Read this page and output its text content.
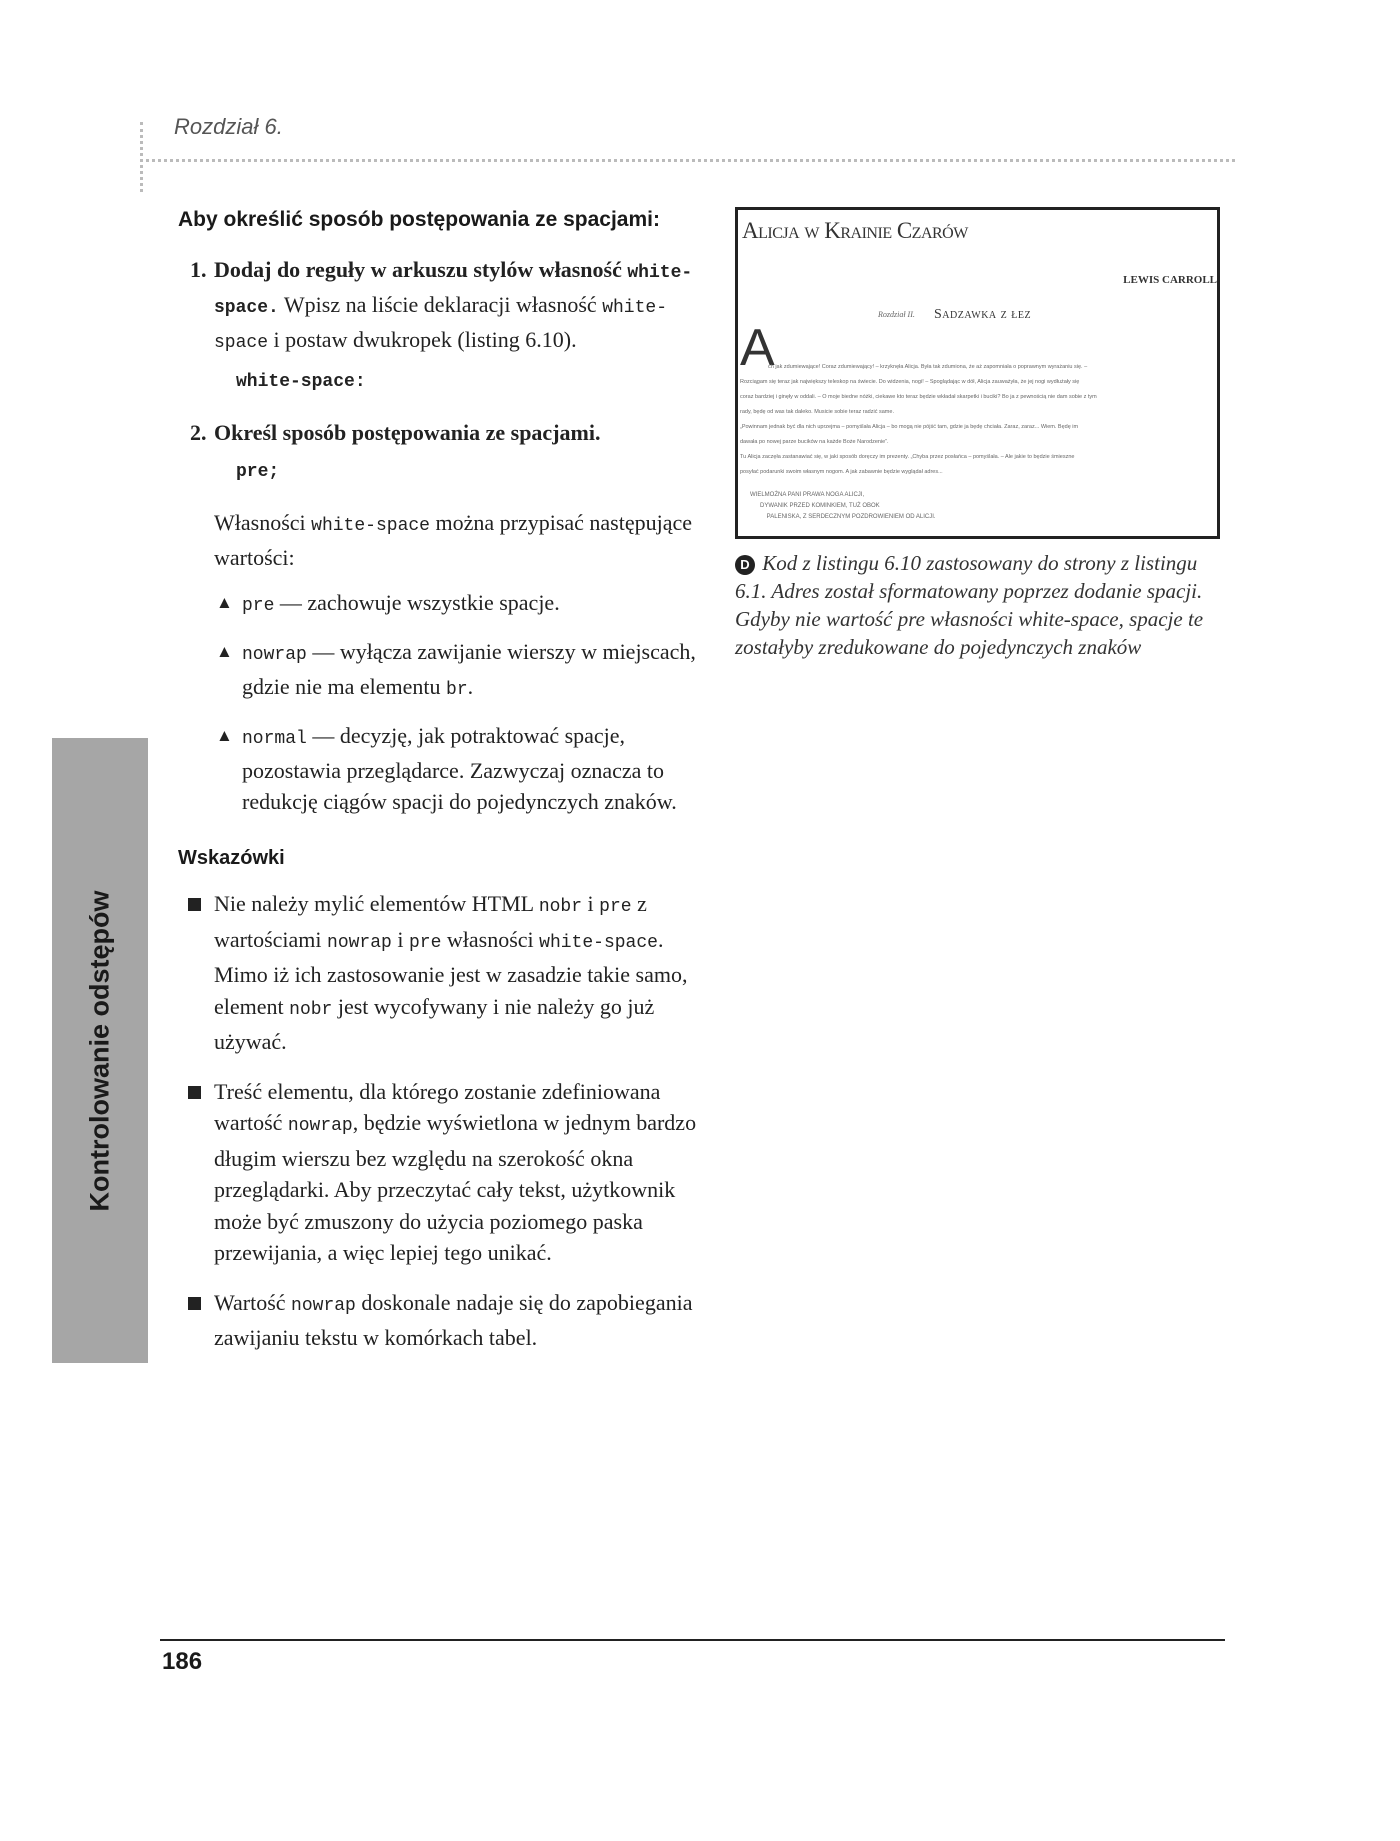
Rozdział 6.
Kontrolowanie odstępów
Aby określić sposób postępowania ze spacjami:
1. Dodaj do reguły w arkuszu stylów własność white-space. Wpisz na liście deklaracji własność white-space i postaw dwukropek (listing 6.10).
white-space:
2. Określ sposób postępowania ze spacjami.
pre;
Własności white-space można przypisać następujące wartości:
▲ pre — zachowuje wszystkie spacje.
▲ nowrap — wyłącza zawijanie wierszy w miejscach, gdzie nie ma elementu br.
▲ normal — decyzję, jak potraktować spacje, pozostawia przeglądarce. Zazwyczaj oznacza to redukcję ciągów spacji do pojedynczych znaków.
Wskazówki
Nie należy mylić elementów HTML nobr i pre z wartościami nowrap i pre własności white-space. Mimo iż ich zastosowanie jest w zasadzie takie samo, element nobr jest wycofywany i nie należy go już używać.
Treść elementu, dla którego zostanie zdefiniowana wartość nowrap, będzie wyświetlona w jednym bardzo długim wierszu bez względu na szerokość okna przeglądarki. Aby przeczytać cały tekst, użytkownik może być zmuszony do użycia poziomego paska przewijania, a więc lepiej tego unikać.
Wartość nowrap doskonale nadaje się do zapobiegania zawijaniu tekstu w komórkach tabel.
Alicja w Krainie Czarów
LEWIS CARROLL
Rozdział II. Sadzawka z łez
A
ch jak zdumiewające! Coraz zdumiewający! – krzyknęła Alicja. Była tak zdumiona, że aż zapomniała o poprawnym wyrażaniu się. –
Rozciągam się teraz jak największy teleskop na świecie. Do widzenia, nogi! – Spoglądając w dół, Alicja zauważyła, że jej nogi wydłużały się
coraz bardziej i ginęły w oddali. – O moje biedne nóżki, ciekawe kto teraz będzie wkładał skarpetki i buciki? Bo ja z pewnością nie dam sobie z tym
rady, będę od was tak daleko. Musicie sobie teraz radzić same.
„Powinnam jednak być dla nich uprzejma – pomyślała Alicja – bo mogą nie pójść tam, gdzie ja będę chciała. Zaraz, zaraz... Wiem. Będę im
dawała po nowej parze bucików na każde Boże Narodzenie”.
Tu Alicja zaczęła zastanawiać się, w jaki sposób doręczy im prezenty. „Chyba przez posłańca – pomyślała. – Ale jakie to będzie śmieszne
posyłać podarunki swoim własnym nogom. A jak zabawnie będzie wyglądał adres...
WIELMOŻNA PANI PRAWA NOGA ALICJI,
DYWANIK PRZED KOMINKIEM, TUŻ OBOK
PALENISKA, Z SERDECZNYM POZDROWIENIEM OD ALICJI.
D Kod z listingu 6.10 zastosowany do strony z listingu 6.1. Adres został sformatowany poprzez dodanie spacji. Gdyby nie wartość pre własności white-space, spacje te zostałyby zredukowane do pojedynczych znaków
186
